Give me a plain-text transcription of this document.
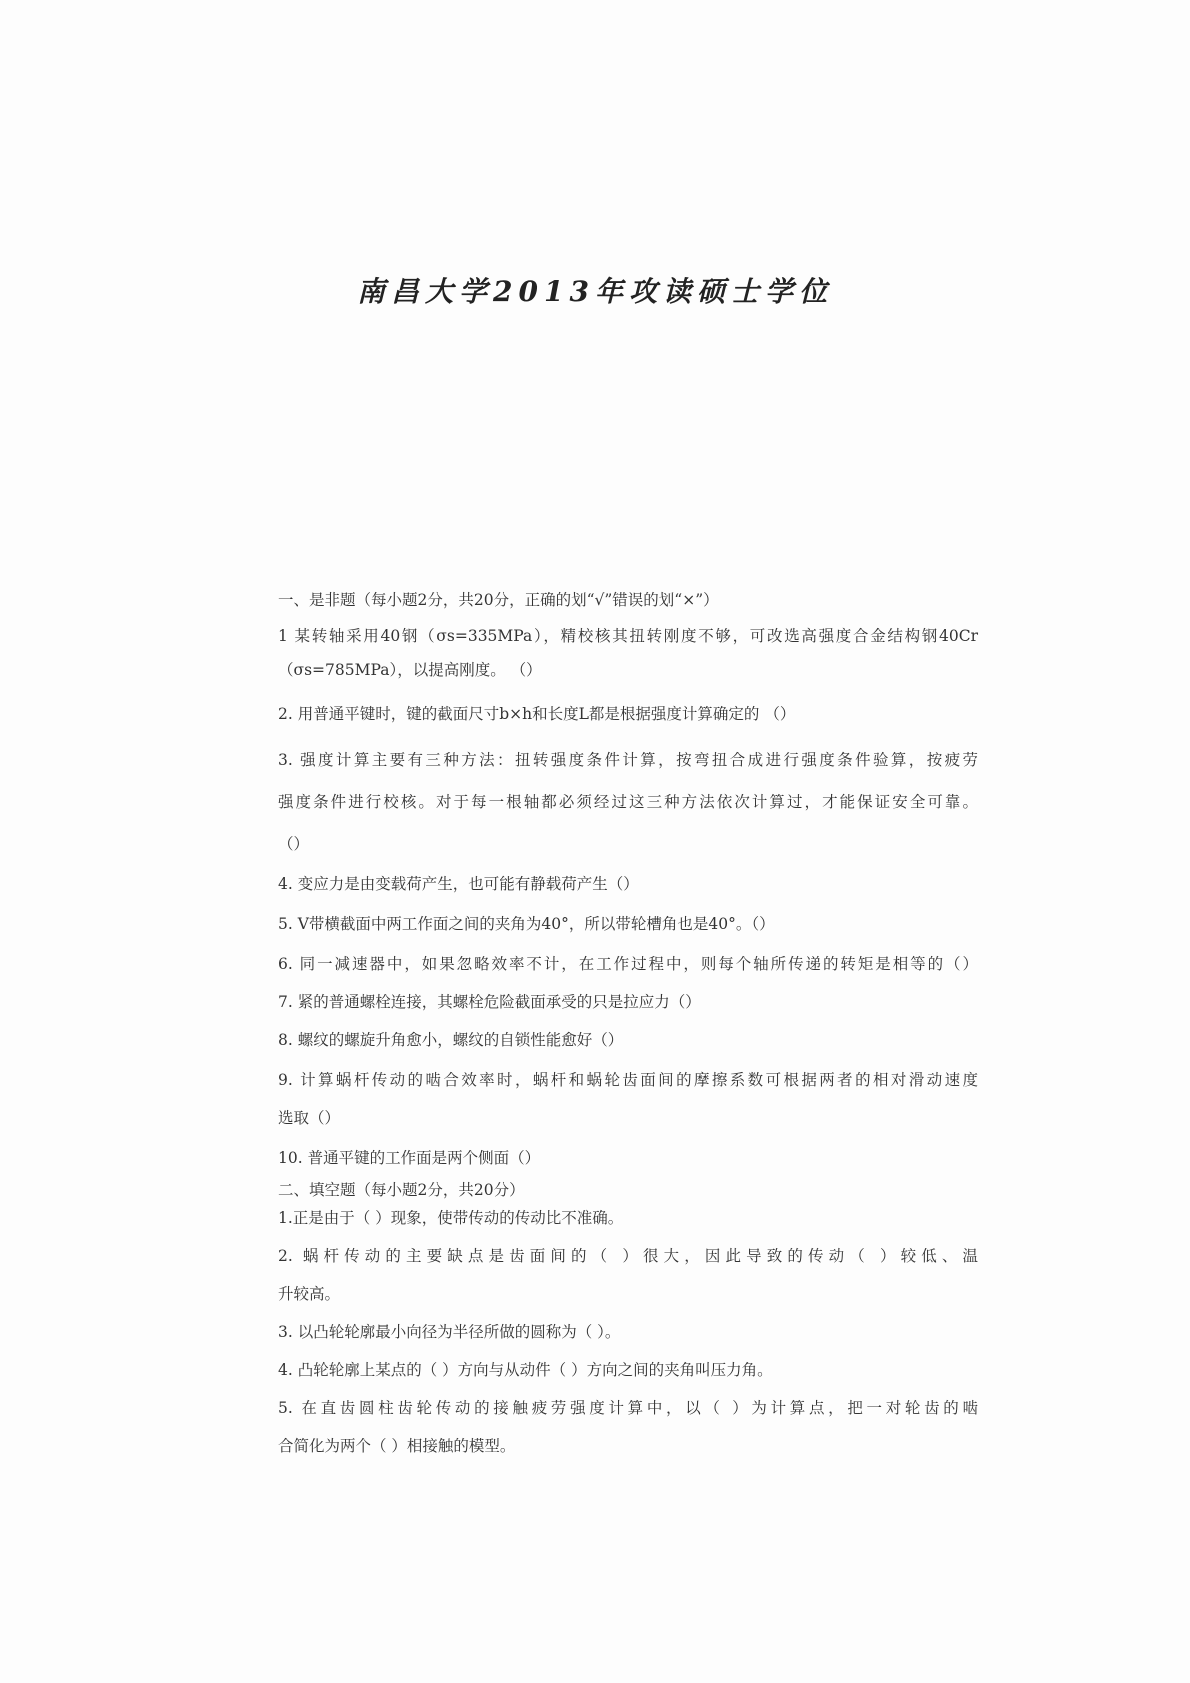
南昌大学2013年攻读硕士学位
一、是非题（每小题2分，共20分，正确的划“√”错误的划“×”）
1 某转轴采用40钢（σs=335MPa），精校核其扭转刚度不够，可改选高强度合金结构钢40Cr
（σs=785MPa），以提高刚度。 （）
2. 用普通平键时，键的截面尺寸b×h和长度L都是根据强度计算确定的 （）
3. 强度计算主要有三种方法：扭转强度条件计算，按弯扭合成进行强度条件验算，按疲劳
强度条件进行校核。对于每一根轴都必须经过这三种方法依次计算过，才能保证安全可靠。
（）
4. 变应力是由变载荷产生，也可能有静载荷产生（）
5. V带横截面中两工作面之间的夹角为40°，所以带轮槽角也是40°。（）
6. 同一减速器中，如果忽略效率不计，在工作过程中，则每个轴所传递的转矩是相等的（）
7. 紧的普通螺栓连接，其螺栓危险截面承受的只是拉应力（）
8. 螺纹的螺旋升角愈小，螺纹的自锁性能愈好（）
9. 计算蜗杆传动的啮合效率时，蜗杆和蜗轮齿面间的摩擦系数可根据两者的相对滑动速度
选取（）
10. 普通平键的工作面是两个侧面（）
二、填空题（每小题2分，共20分）
1.正是由于（ ）现象，使带传动的传动比不准确。
2. 蜗杆传动的主要缺点是齿面间的（ ）很大，因此导致的传动（ ）较低、温
升较高。
3. 以凸轮轮廓最小向径为半径所做的圆称为（ ）。
4. 凸轮轮廓上某点的（ ）方向与从动件（ ）方向之间的夹角叫压力角。
5. 在直齿圆柱齿轮传动的接触疲劳强度计算中，以（ ）为计算点，把一对轮齿的啮
合简化为两个（ ）相接触的模型。
